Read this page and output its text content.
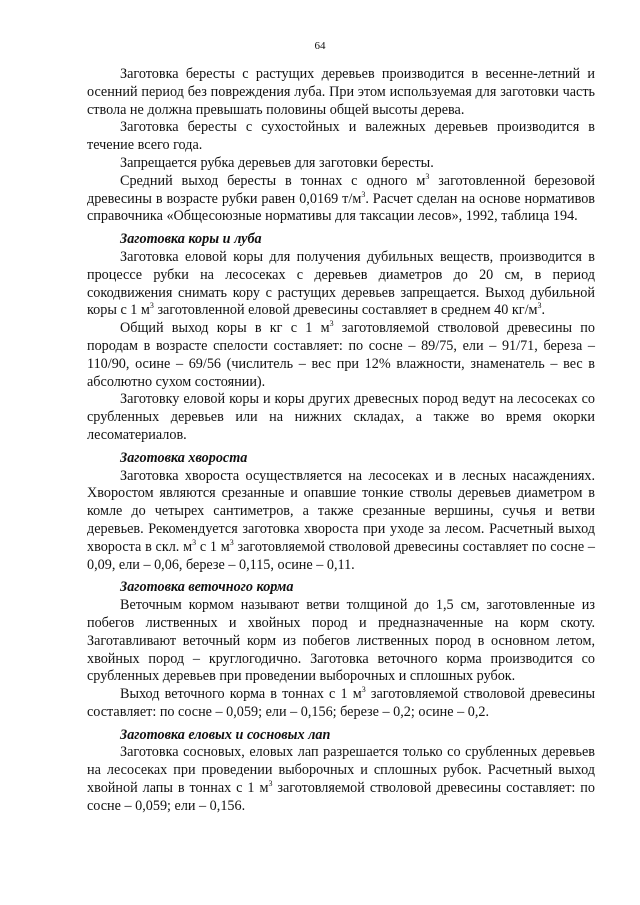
64

Заготовка бересты с растущих деревьев производится в весенне-летний и осенний период без повреждения луба. При этом используемая для заготовки часть ствола не должна превышать половины общей высоты дерева.

Заготовка бересты с сухостойных и валежных деревьев производится в течение всего года.

Запрещается рубка деревьев для заготовки бересты.

Средний выход бересты в тоннах с одного $м^3$ заготовленной березовой древесины в возрасте рубки равен 0,0169 $т/м^3$. Расчет сделан на основе нормативов справочника «Общесоюзные нормативы для таксации лесов», 1992, таблица 194.

Заготовка коры и луба

Заготовка еловой коры для получения дубильных веществ, производится в процессе рубки на лесосеках с деревьев диаметров до 20 см, в период сокодвижения снимать кору с растущих деревьев запрещается. Выход дубильной коры с 1 $м^3$ заготовленной еловой древесины составляет в среднем 40 $кг/м^3$.

Общий выход коры в кг с 1 $м^3$ заготовляемой стволовой древесины по породам в возрасте спелости составляет: по сосне – 89/75, ели – 91/71, береза – 110/90, осине – 69/56 (числитель – вес при 12% влажности, знаменатель – вес в абсолютно сухом состоянии).

Заготовку еловой коры и коры других древесных пород ведут на лесосеках со срубленных деревьев или на нижних складах, а также во время окорки лесоматериалов.

Заготовка хвороста

Заготовка хвороста осуществляется на лесосеках и в лесных насаждениях. Хворостом являются срезанные и опавшие тонкие стволы деревьев диаметром в комле до четырех сантиметров, а также срезанные вершины, сучья и ветви деревьев. Рекомендуется заготовка хвороста при уходе за лесом. Расчетный выход хвороста в скл. $м^3$ с 1 $м^3$ заготовляемой стволовой древесины составляет по сосне – 0,09, ели – 0,06, березе – 0,115, осине – 0,11.

Заготовка веточного корма

Веточным кормом называют ветви толщиной до 1,5 см, заготовленные из побегов лиственных и хвойных пород и предназначенные на корм скоту. Заготавливают веточный корм из побегов лиственных пород в основном летом, хвойных пород – круглогодично. Заготовка веточного корма производится со срубленных деревьев при проведении выборочных и сплошных рубок.

Выход веточного корма в тоннах с 1 $м^3$ заготовляемой стволовой древесины составляет: по сосне – 0,059; ели – 0,156; березе – 0,2; осине – 0,2.

Заготовка еловых и сосновых лап

Заготовка сосновых, еловых лап разрешается только со срубленных деревьев на лесосеках при проведении выборочных и сплошных рубок. Расчетный выход хвойной лапы в тоннах с 1 $м^3$ заготовляемой стволовой древесины составляет: по сосне – 0,059; ели – 0,156.
